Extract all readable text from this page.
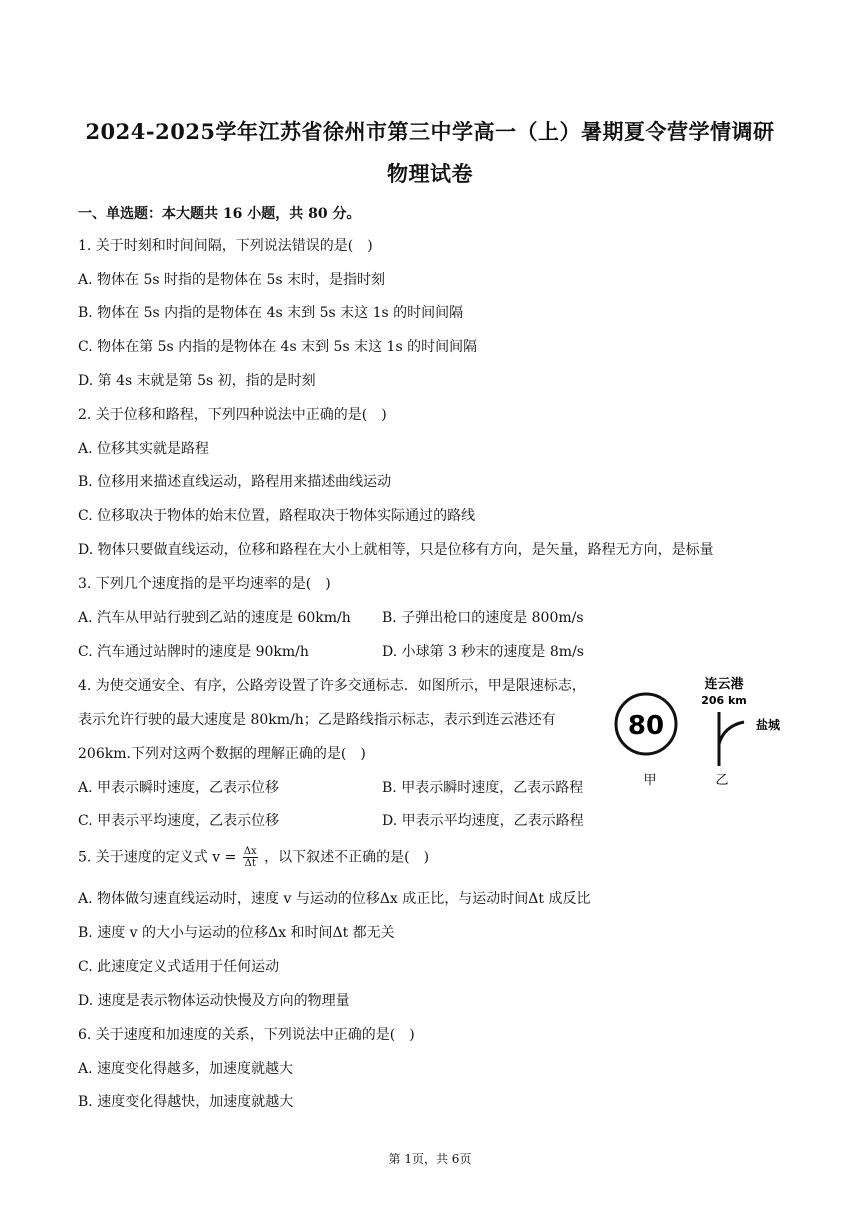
2024-2025学年江苏省徐州市第三中学高一（上）暑期夏令营学情调研
物理试卷
一、单选题：本大题共 16 小题，共 80 分。
1. 关于时刻和时间间隔，下列说法错误的是(　)
A. 物体在 5s 时指的是物体在 5s 末时，是指时刻
B. 物体在 5s 内指的是物体在 4s 末到 5s 末这 1s 的时间间隔
C. 物体在第 5s 内指的是物体在 4s 末到 5s 末这 1s 的时间间隔
D. 第 4s 末就是第 5s 初，指的是时刻
2. 关于位移和路程，下列四种说法中正确的是(　)
A. 位移其实就是路程
B. 位移用来描述直线运动，路程用来描述曲线运动
C. 位移取决于物体的始末位置，路程取决于物体实际通过的路线
D. 物体只要做直线运动，位移和路程在大小上就相等，只是位移有方向，是矢量，路程无方向，是标量
3. 下列几个速度指的是平均速率的是(　)
A. 汽车从甲站行驶到乙站的速度是 60km/h B. 子弹出枪口的速度是 800m/s
C. 汽车通过站牌时的速度是 90km/h	D. 小球第 3 秒末的速度是 8m/s
4. 为使交通安全、有序，公路旁设置了许多交通标志．如图所示，甲是限速标志，
表示允许行驶的最大速度是 80km/h；乙是路线指示标志，表示到连云港还有
206km.下列对这两个数据的理解正确的是(　)
A. 甲表示瞬时速度，乙表示位移	B. 甲表示瞬时速度，乙表示路程
C. 甲表示平均速度，乙表示位移	D. 甲表示平均速度，乙表示路程
80
甲
连云港
206 km
盐城
乙
5. 关于速度的定义式 $v = \frac{\Delta x}{\Delta t}$ ，以下叙述不正确的是(　)
A. 物体做匀速直线运动时，速度 v 与运动的位移Δx 成正比，与运动时间Δt 成反比
B. 速度 v 的大小与运动的位移Δx 和时间Δt 都无关
C. 此速度定义式适用于任何运动
D. 速度是表示物体运动快慢及方向的物理量
6. 关于速度和加速度的关系，下列说法中正确的是(　)
A. 速度变化得越多，加速度就越大
B. 速度变化得越快，加速度就越大
第 1页，共 6页
